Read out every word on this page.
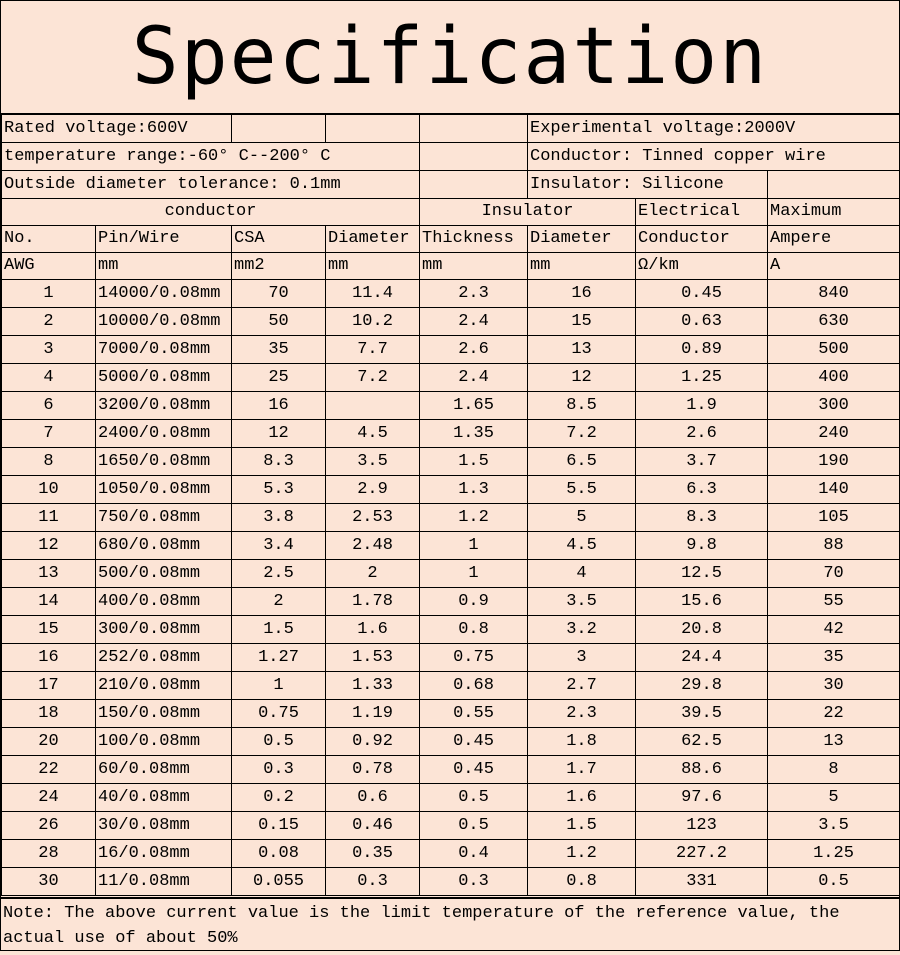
Specification
Rated voltage:600V					Experimental voltage:2000V		
temperature range:-60° C--200° C					Conductor: Tinned copper wire		
Outside diameter tolerance: 0.1mm					Insulator: Silicone		
conductor				Insulator		Electrical	Maximum
No.	Pin/Wire	CSA	Diameter	Thickness	Diameter	Conductor	Ampere
AWG	mm	mm2	mm	mm	mm	Ω/km	A
1	14000/0.08mm	70	11.4	2.3	16	0.45	840
2	10000/0.08mm	50	10.2	2.4	15	0.63	630
3	7000/0.08mm	35	7.7	2.6	13	0.89	500
4	5000/0.08mm	25	7.2	2.4	12	1.25	400
6	3200/0.08mm	16		1.65	8.5	1.9	300
7	2400/0.08mm	12	4.5	1.35	7.2	2.6	240
8	1650/0.08mm	8.3	3.5	1.5	6.5	3.7	190
10	1050/0.08mm	5.3	2.9	1.3	5.5	6.3	140
11	750/0.08mm	3.8	2.53	1.2	5	8.3	105
12	680/0.08mm	3.4	2.48	1	4.5	9.8	88
13	500/0.08mm	2.5	2	1	4	12.5	70
14	400/0.08mm	2	1.78	0.9	3.5	15.6	55
15	300/0.08mm	1.5	1.6	0.8	3.2	20.8	42
16	252/0.08mm	1.27	1.53	0.75	3	24.4	35
17	210/0.08mm	1	1.33	0.68	2.7	29.8	30
18	150/0.08mm	0.75	1.19	0.55	2.3	39.5	22
20	100/0.08mm	0.5	0.92	0.45	1.8	62.5	13
22	60/0.08mm	0.3	0.78	0.45	1.7	88.6	8
24	40/0.08mm	0.2	0.6	0.5	1.6	97.6	5
26	30/0.08mm	0.15	0.46	0.5	1.5	123	3.5
28	16/0.08mm	0.08	0.35	0.4	1.2	227.2	1.25
30	11/0.08mm	0.055	0.3	0.3	0.8	331	0.5
Note: The above current value is the limit temperature of the reference value, the actual use of about 50%
